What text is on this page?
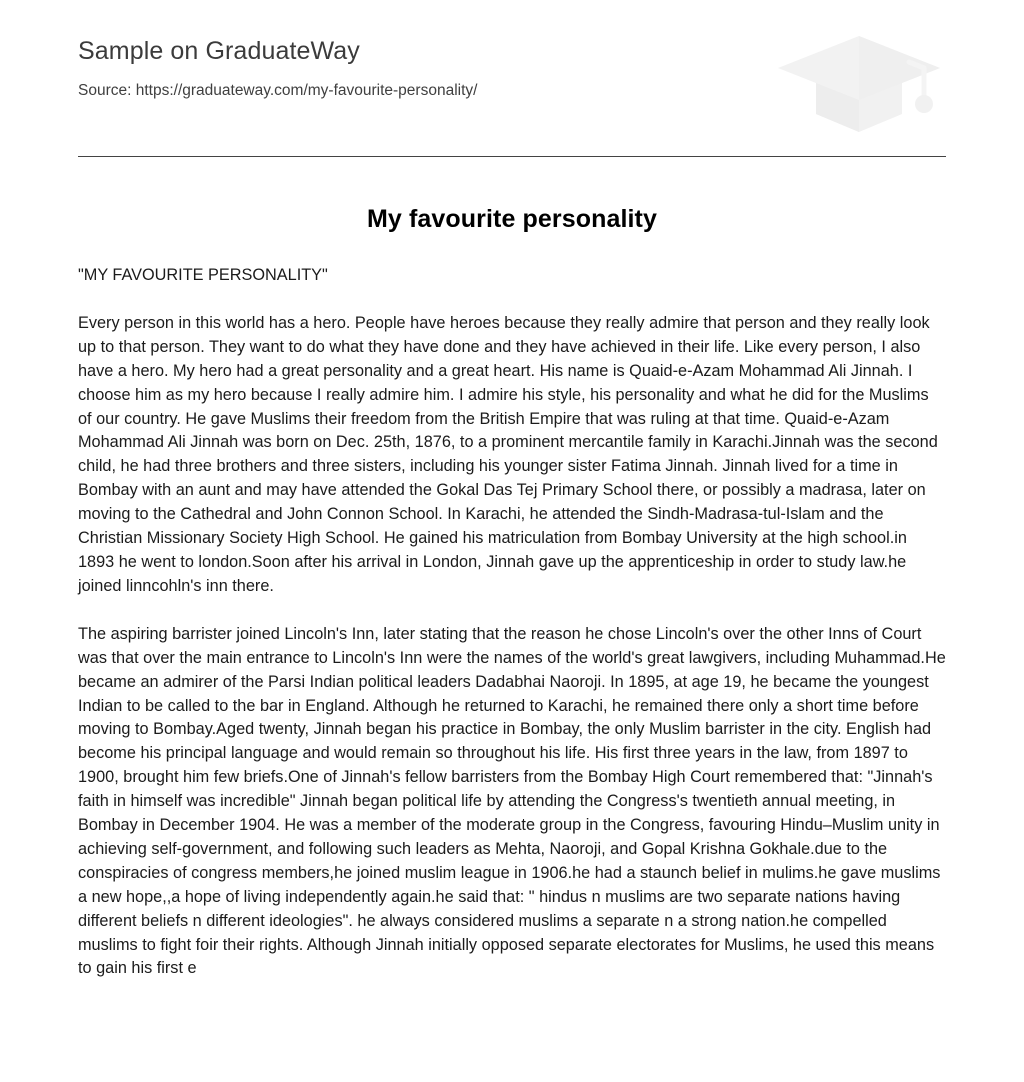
Sample on GraduateWay

Source: https://graduateway.com/my-favourite-personality/

My favourite personality

"MY FAVOURITE PERSONALITY"

Every person in this world has a hero. People have heroes because they really admire that person and they really look up to that person. They want to do what they have done and they have achieved in their life. Like every person, I also have a hero. My hero had a great personality and a great heart. His name is Quaid-e-Azam Mohammad Ali Jinnah. I choose him as my hero because I really admire him. I admire his style, his personality and what he did for the Muslims of our country. He gave Muslims their freedom from the British Empire that was ruling at that time. Quaid-e-Azam Mohammad Ali Jinnah was born on Dec. 25th, 1876, to a prominent mercantile family in Karachi.Jinnah was the second child, he had three brothers and three sisters, including his younger sister Fatima Jinnah. Jinnah lived for a time in Bombay with an aunt and may have attended the Gokal Das Tej Primary School there, or possibly a madrasa, later on moving to the Cathedral and John Connon School. In Karachi, he attended the Sindh-Madrasa-tul-Islam and the Christian Missionary Society High School. He gained his matriculation from Bombay University at the high school.in 1893 he went to london.Soon after his arrival in London, Jinnah gave up the apprenticeship in order to study law.he joined linncohln's inn there.

The aspiring barrister joined Lincoln's Inn, later stating that the reason he chose Lincoln's over the other Inns of Court was that over the main entrance to Lincoln's Inn were the names of the world's great lawgivers, including Muhammad.He became an admirer of the Parsi Indian political leaders Dadabhai Naoroji. In 1895, at age 19, he became the youngest Indian to be called to the bar in England. Although he returned to Karachi, he remained there only a short time before moving to Bombay.Aged twenty, Jinnah began his practice in Bombay, the only Muslim barrister in the city. English had become his principal language and would remain so throughout his life. His first three years in the law, from 1897 to 1900, brought him few briefs.One of Jinnah's fellow barristers from the Bombay High Court remembered that: "Jinnah's faith in himself was incredible" Jinnah began political life by attending the Congress's twentieth annual meeting, in Bombay in December 1904. He was a member of the moderate group in the Congress, favouring Hindu–Muslim unity in achieving self-government, and following such leaders as Mehta, Naoroji, and Gopal Krishna Gokhale.due to the conspiracies of congress members,he joined muslim league in 1906.he had a staunch belief in mulims.he gave muslims a new hope,,a hope of living independently again.he said that: " hindus n muslims are two separate nations having different beliefs n different ideologies". he always considered muslims a separate n a strong nation.he compelled muslims to fight foir their rights. Although Jinnah initially opposed separate electorates for Muslims, he used this means to gain his first e
